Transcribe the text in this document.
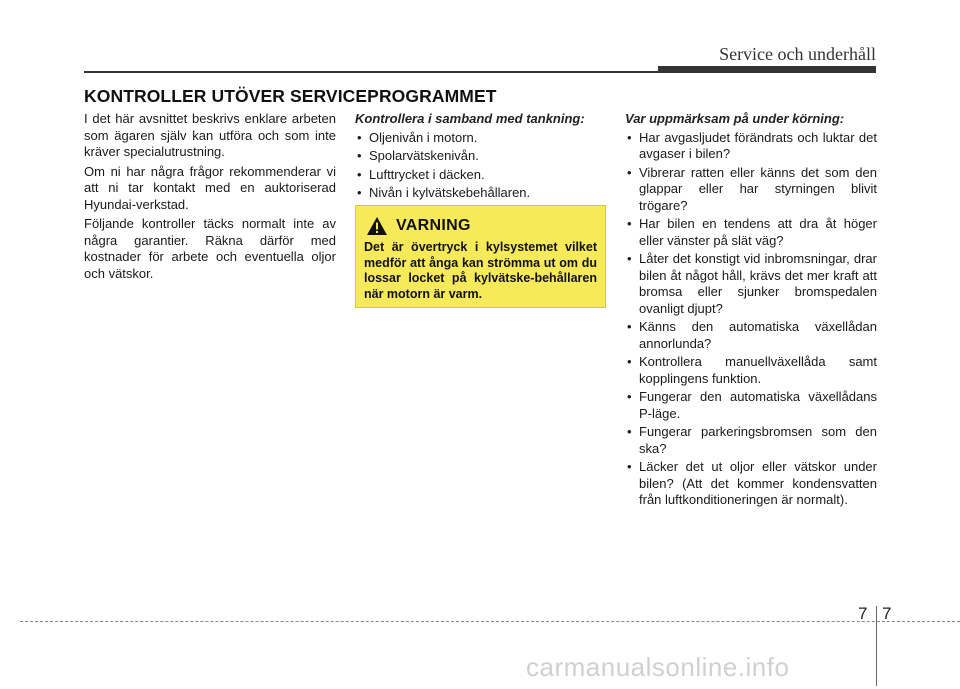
Service och underhåll
KONTROLLER UTÖVER SERVICEPROGRAMMET

I det här avsnittet beskrivs enklare arbeten som ägaren själv kan utföra och som inte kräver specialutrustning.

Om ni har några frågor rekommenderar vi att ni tar kontakt med en auktoriserad Hyundai-verkstad.

Följande kontroller täcks normalt inte av några garantier. Räkna därför med kostnader för arbete och eventuella oljor och vätskor.

Kontrollera i samband med tankning:
• Oljenivån i motorn.
• Spolarvätskenivån.
• Lufttrycket i däcken.
• Nivån i kylvätskebehållaren.
VARNING

Det är övertryck i kylsystemet vilket medför att ånga kan strömma ut om du lossar locket på kylvätske-behållaren när motorn är varm.

Var uppmärksam på under körning:
• Har avgasljudet förändrats och luktar det avgaser i bilen?
• Vibrerar ratten eller känns det som den glappar eller har styrningen blivit trögare?
• Har bilen en tendens att dra åt höger eller vänster på slät väg?
• Låter det konstigt vid inbromsningar, drar bilen åt något håll, krävs det mer kraft att bromsa eller sjunker bromspedalen ovanligt djupt?
• Känns den automatiska växellådan annorlunda?
• Kontrollera manuellväxellåda samt kopplingens funktion.
• Fungerar den automatiska växellådans P-läge.
• Fungerar parkeringsbromsen som den ska?
• Läcker det ut oljor eller vätskor under bilen? (Att det kommer kondensvatten från luftkonditioneringen är normalt).
7 7
carmanualsonline.info
